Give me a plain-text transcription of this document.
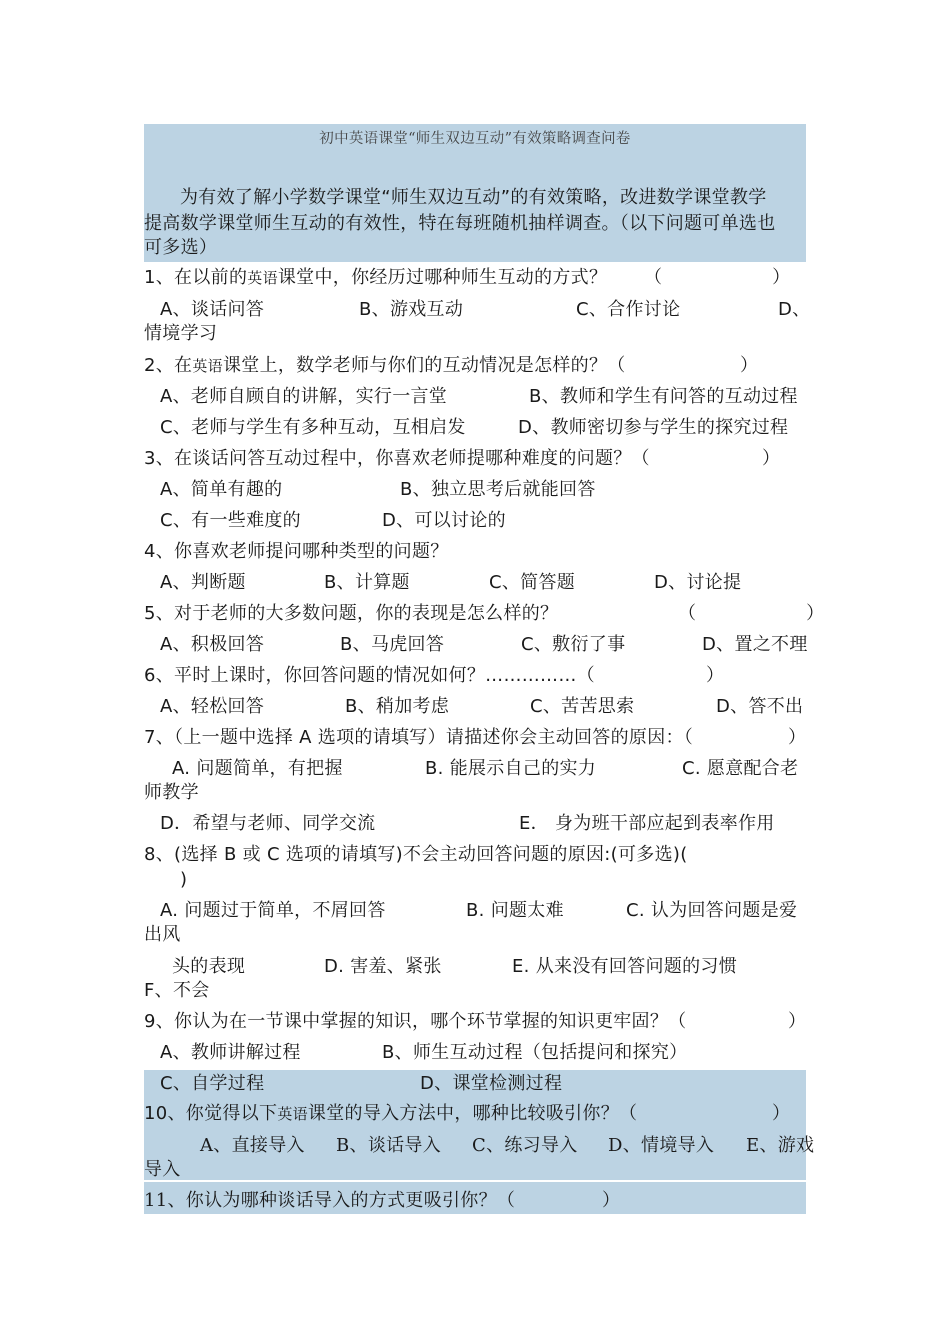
初中英语课堂“师生双边互动”有效策略调查问卷
为有效了解小学数学课堂“师生双边互动”的有效策略，改进数学课堂教学
提高数学课堂师生互动的有效性，特在每班随机抽样调查。（以下问题可单选也
可多选）
1、在以前的英语课堂中，你经历过哪种师生互动的方式？ （　　　　　　）
A、谈话问答	B、游戏互动	C、合作讨论	D、
情境学习
2、在英语课堂上，数学老师与你们的互动情况是怎样的？（	）
A、老师自顾自的讲解，实行一言堂	B、教师和学生有问答的互动过程
C、老师与学生有多种互动，互相启发	D、教师密切参与学生的探究过程
3、在谈话问答互动过程中，你喜欢老师提哪种难度的问题？（	）
A、简单有趣的	B、独立思考后就能回答
C、有一些难度的	D、可以讨论的
4、你喜欢老师提问哪种类型的问题？
A、判断题	B、计算题	C、简答题	D、讨论提
5、对于老师的大多数问题，你的表现是怎么样的？	（　　　　　　）
A、积极回答	B、马虎回答	C、敷衍了事	D、置之不理
6、平时上课时，你回答问题的情况如何？……………（	）
A、轻松回答	B、稍加考虑	C、苦苦思索	D、答不出
7、（上一题中选择 A 选项的请填写）请描述你会主动回答的原因：（	）
A. 问题简单，有把握	B. 能展示自己的实力	C. 愿意配合老
师教学
D．希望与老师、同学交流	E． 身为班干部应起到表率作用
8、(选择 B 或 C 选项的请填写)不会主动回答问题的原因:(可多选)(
)
A. 问题过于简单，不屑回答	B. 问题太难	C. 认为回答问题是爱
出风
头的表现	D. 害羞、紧张	E. 从来没有回答问题的习惯
F、不会
9、你认为在一节课中掌握的知识，哪个环节掌握的知识更牢固？（	）
A、教师讲解过程	B、师生互动过程（包括提问和探究）
C、自学过程	D、课堂检测过程
10、你觉得以下英语课堂的导入方法中，哪种比较吸引你？（	）
A、直接导入 B、谈话导入 C、练习导入 D、情境导入 E、游戏
导入
11、你认为哪种谈话导入的方式更吸引你？（	）
